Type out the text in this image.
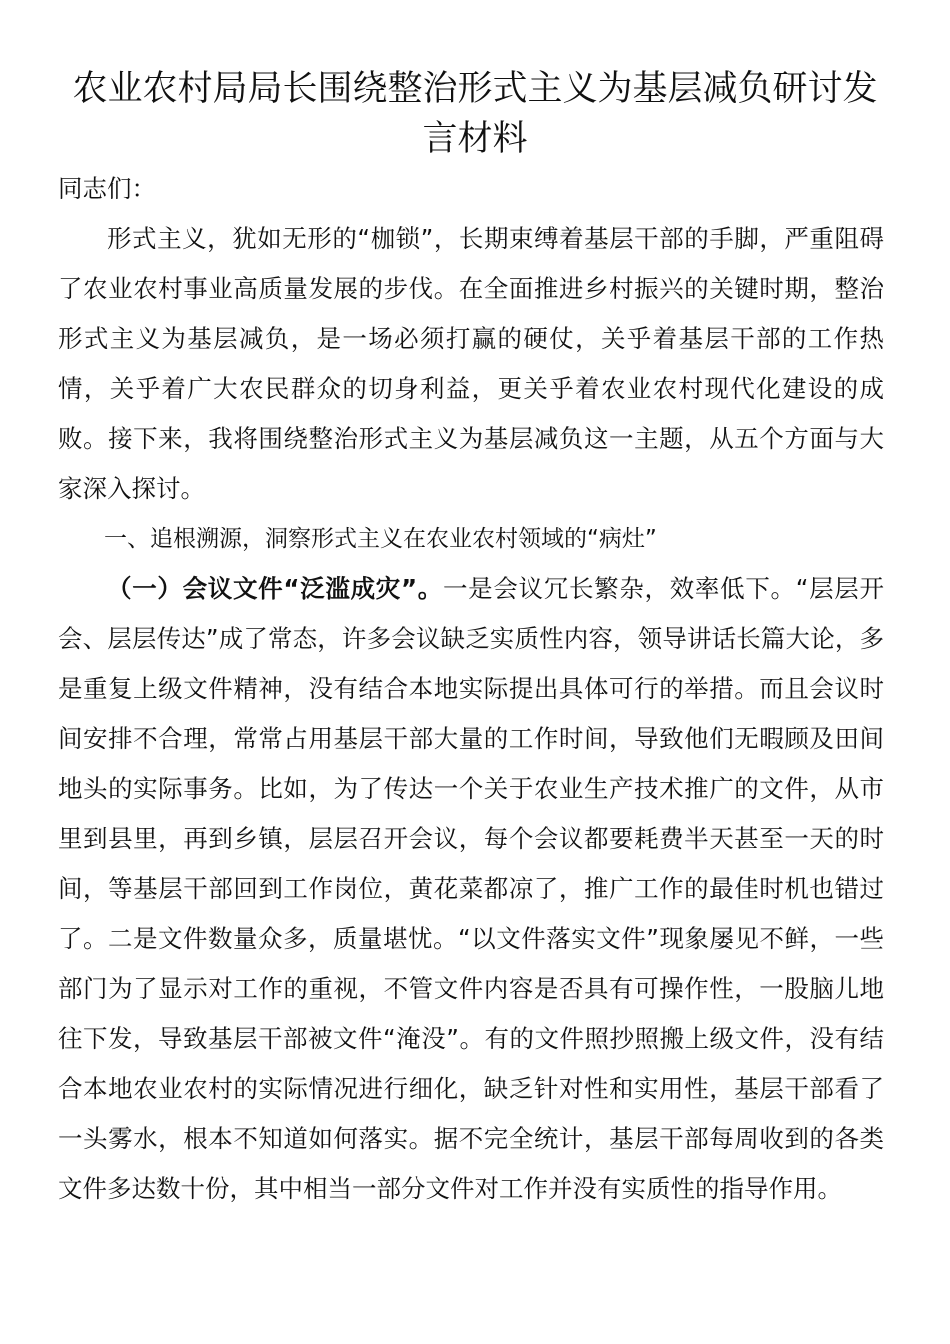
农业农村局局长围绕整治形式主义为基层减负研讨发言材料

同志们：

形式主义，犹如无形的“枷锁”，长期束缚着基层干部的手脚，严重阻碍了农业农村事业高质量发展的步伐。在全面推进乡村振兴的关键时期，整治形式主义为基层减负，是一场必须打赢的硬仗，关乎着基层干部的工作热情，关乎着广大农民群众的切身利益，更关乎着农业农村现代化建设的成败。接下来，我将围绕整治形式主义为基层减负这一主题，从五个方面与大家深入探讨。

一、追根溯源，洞察形式主义在农业农村领域的“病灶”

（一）会议文件“泛滥成灾”。一是会议冗长繁杂，效率低下。“层层开会、层层传达”成了常态，许多会议缺乏实质性内容，领导讲话长篇大论，多是重复上级文件精神，没有结合本地实际提出具体可行的举措。而且会议时间安排不合理，常常占用基层干部大量的工作时间，导致他们无暇顾及田间地头的实际事务。比如，为了传达一个关于农业生产技术推广的文件，从市里到县里，再到乡镇，层层召开会议，每个会议都要耗费半天甚至一天的时间，等基层干部回到工作岗位，黄花菜都凉了，推广工作的最佳时机也错过了。二是文件数量众多，质量堪忧。“以文件落实文件”现象屡见不鲜，一些部门为了显示对工作的重视，不管文件内容是否具有可操作性，一股脑儿地往下发，导致基层干部被文件“淹没”。有的文件照抄照搬上级文件，没有结合本地农业农村的实际情况进行细化，缺乏针对性和实用性，基层干部看了一头雾水，根本不知道如何落实。据不完全统计，基层干部每周收到的各类文件多达数十份，其中相当一部分文件对工作并没有实质性的指导作用。
